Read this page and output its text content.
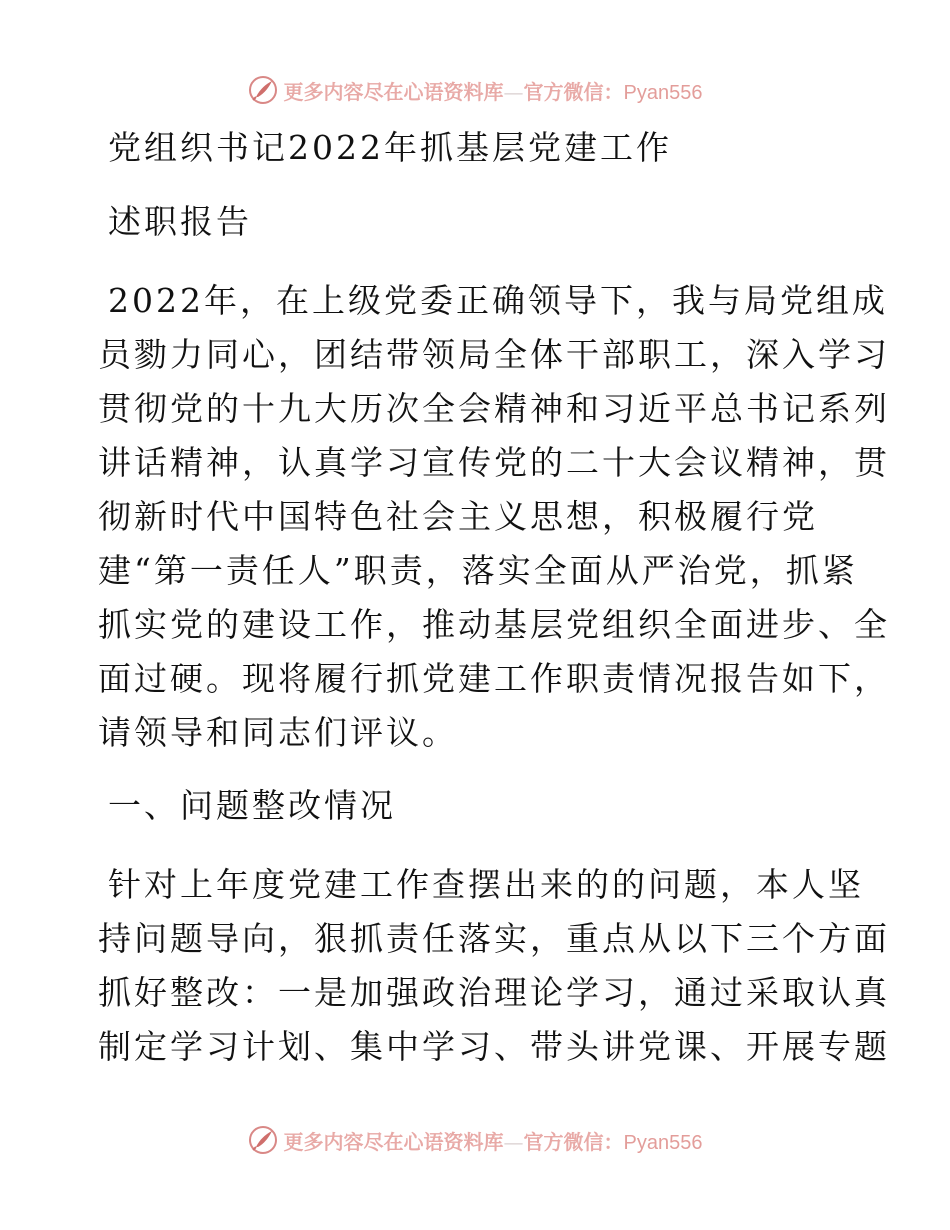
更多内容尽在心语资料库—官方微信：Pyan556
党组织书记2022年抓基层党建工作
述职报告
2022年，在上级党委正确领导下，我与局党组成
员勠力同心，团结带领局全体干部职工，深入学习
贯彻党的十九大历次全会精神和习近平总书记系列
讲话精神，认真学习宣传党的二十大会议精神，贯
彻新时代中国特色社会主义思想，积极履行党
建“第一责任人”职责，落实全面从严治党，抓紧
抓实党的建设工作，推动基层党组织全面进步、全
面过硬。现将履行抓党建工作职责情况报告如下，
请领导和同志们评议。
一、问题整改情况
针对上年度党建工作查摆出来的的问题，本人坚
持问题导向，狠抓责任落实，重点从以下三个方面
抓好整改：一是加强政治理论学习，通过采取认真
制定学习计划、集中学习、带头讲党课、开展专题
更多内容尽在心语资料库—官方微信：Pyan556
